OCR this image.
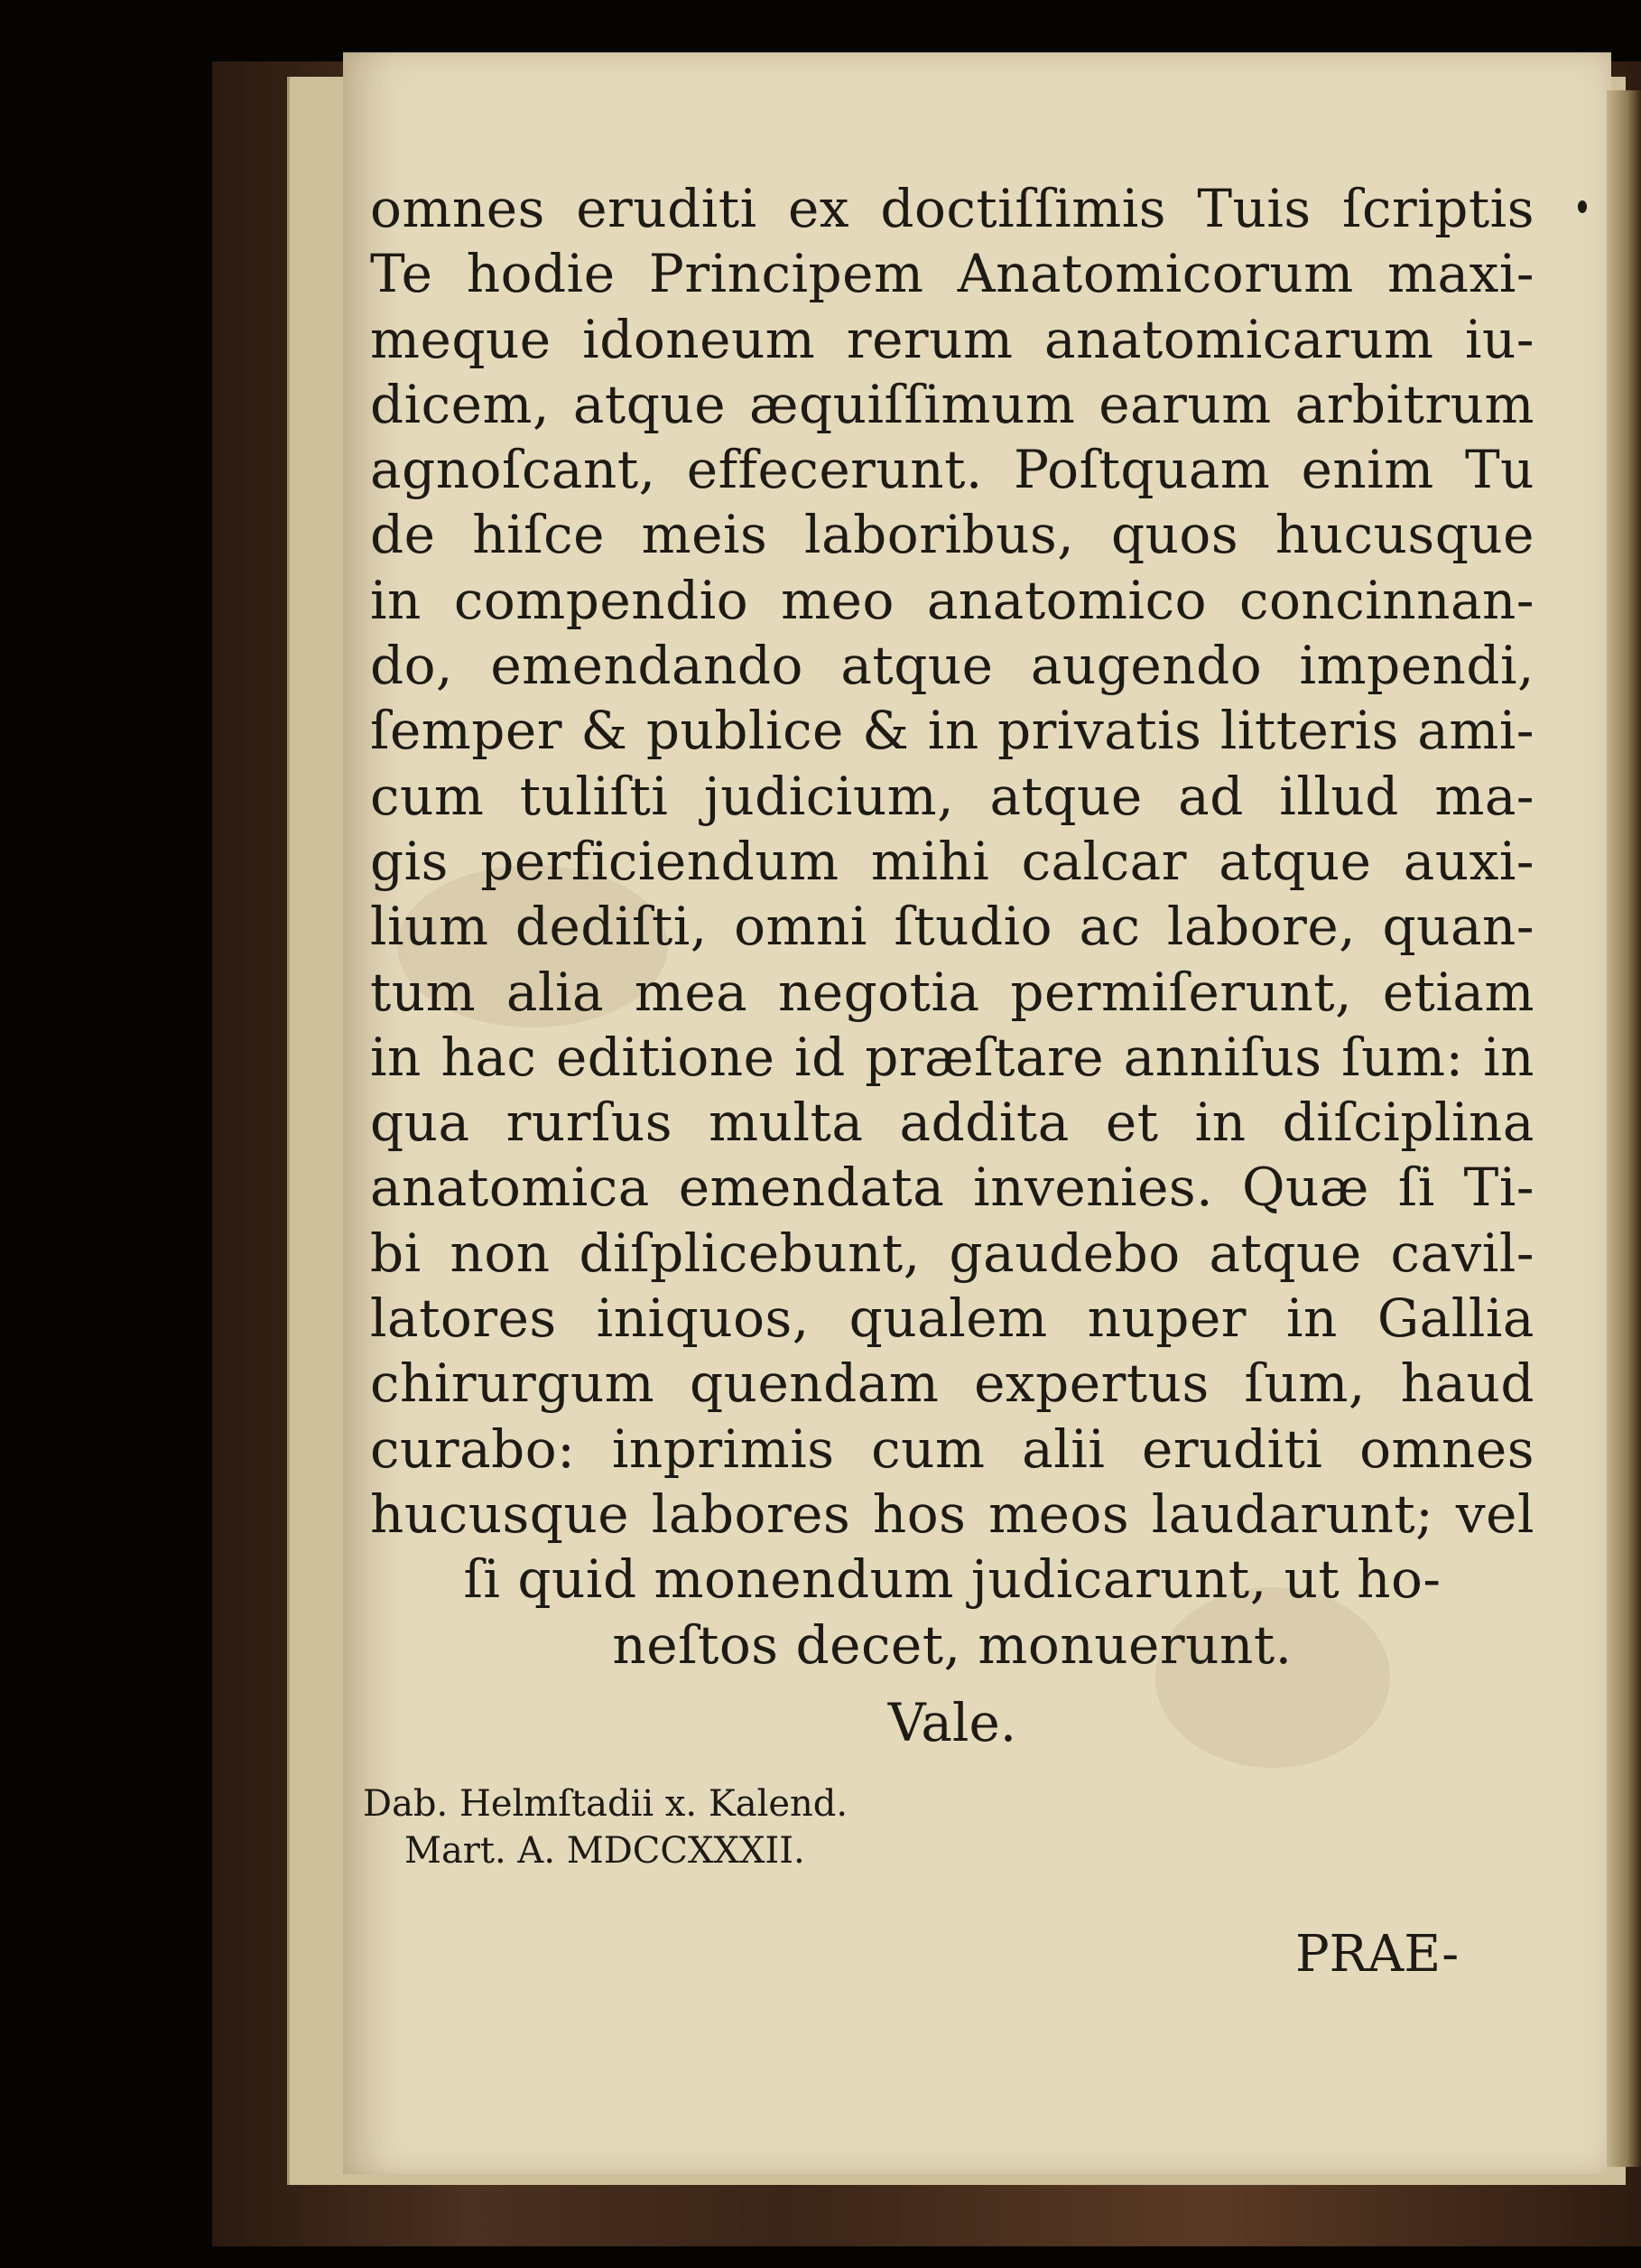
omnes eruditi ex doctiſſimis Tuis ſcriptis
Te hodie Principem Anatomicorum maxi-
meque idoneum rerum anatomicarum iu-
dicem, atque æquiſſimum earum arbitrum
agnoſcant, effecerunt. Poſtquam enim Tu
de hiſce meis laboribus, quos hucusque
in compendio meo anatomico concinnan-
do, emendando atque augendo impendi,
ſemper & publice & in privatis litteris ami-
cum tuliſti judicium, atque ad illud ma-
gis perficiendum mihi calcar atque auxi-
lium dediſti, omni ſtudio ac labore, quan-
tum alia mea negotia permiſerunt, etiam
in hac editione id præſtare anniſus ſum: in
qua rurſus multa addita et in diſciplina
anatomica emendata invenies. Quæ ſi Ti-
bi non diſplicebunt, gaudebo atque cavil-
latores iniquos, qualem nuper in Gallia
chirurgum quendam expertus ſum, haud
curabo: inprimis cum alii eruditi omnes
hucusque labores hos meos laudarunt; vel
ſi quid monendum judicarunt, ut ho-
neſtos decet, monuerunt.
Vale.
Dab. Helmſtadii x. Kalend.
Mart. A. MDCCXXXII.
PRAE-
